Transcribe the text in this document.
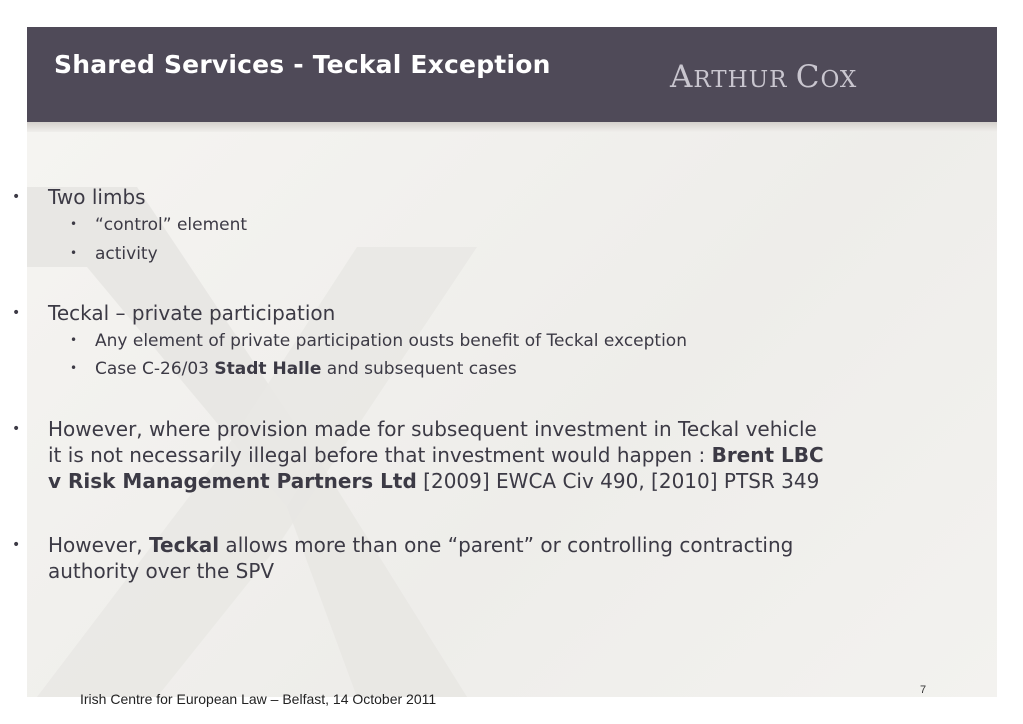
Shared Services - Teckal Exception	ARTHUR COX
• Two limbs
• “control” element
• activity
• Teckal – private participation
• Any element of private participation ousts benefit of Teckal exception
• Case C-26/03 Stadt Halle and subsequent cases
• However, where provision made for subsequent investment in Teckal vehicle
it is not necessarily illegal before that investment would happen : Brent LBC
v Risk Management Partners Ltd [2009] EWCA Civ 490, [2010] PTSR 349
• However, Teckal allows more than one “parent” or controlling contracting
authority over the SPV
7
Irish Centre for European Law – Belfast, 14 October 2011
